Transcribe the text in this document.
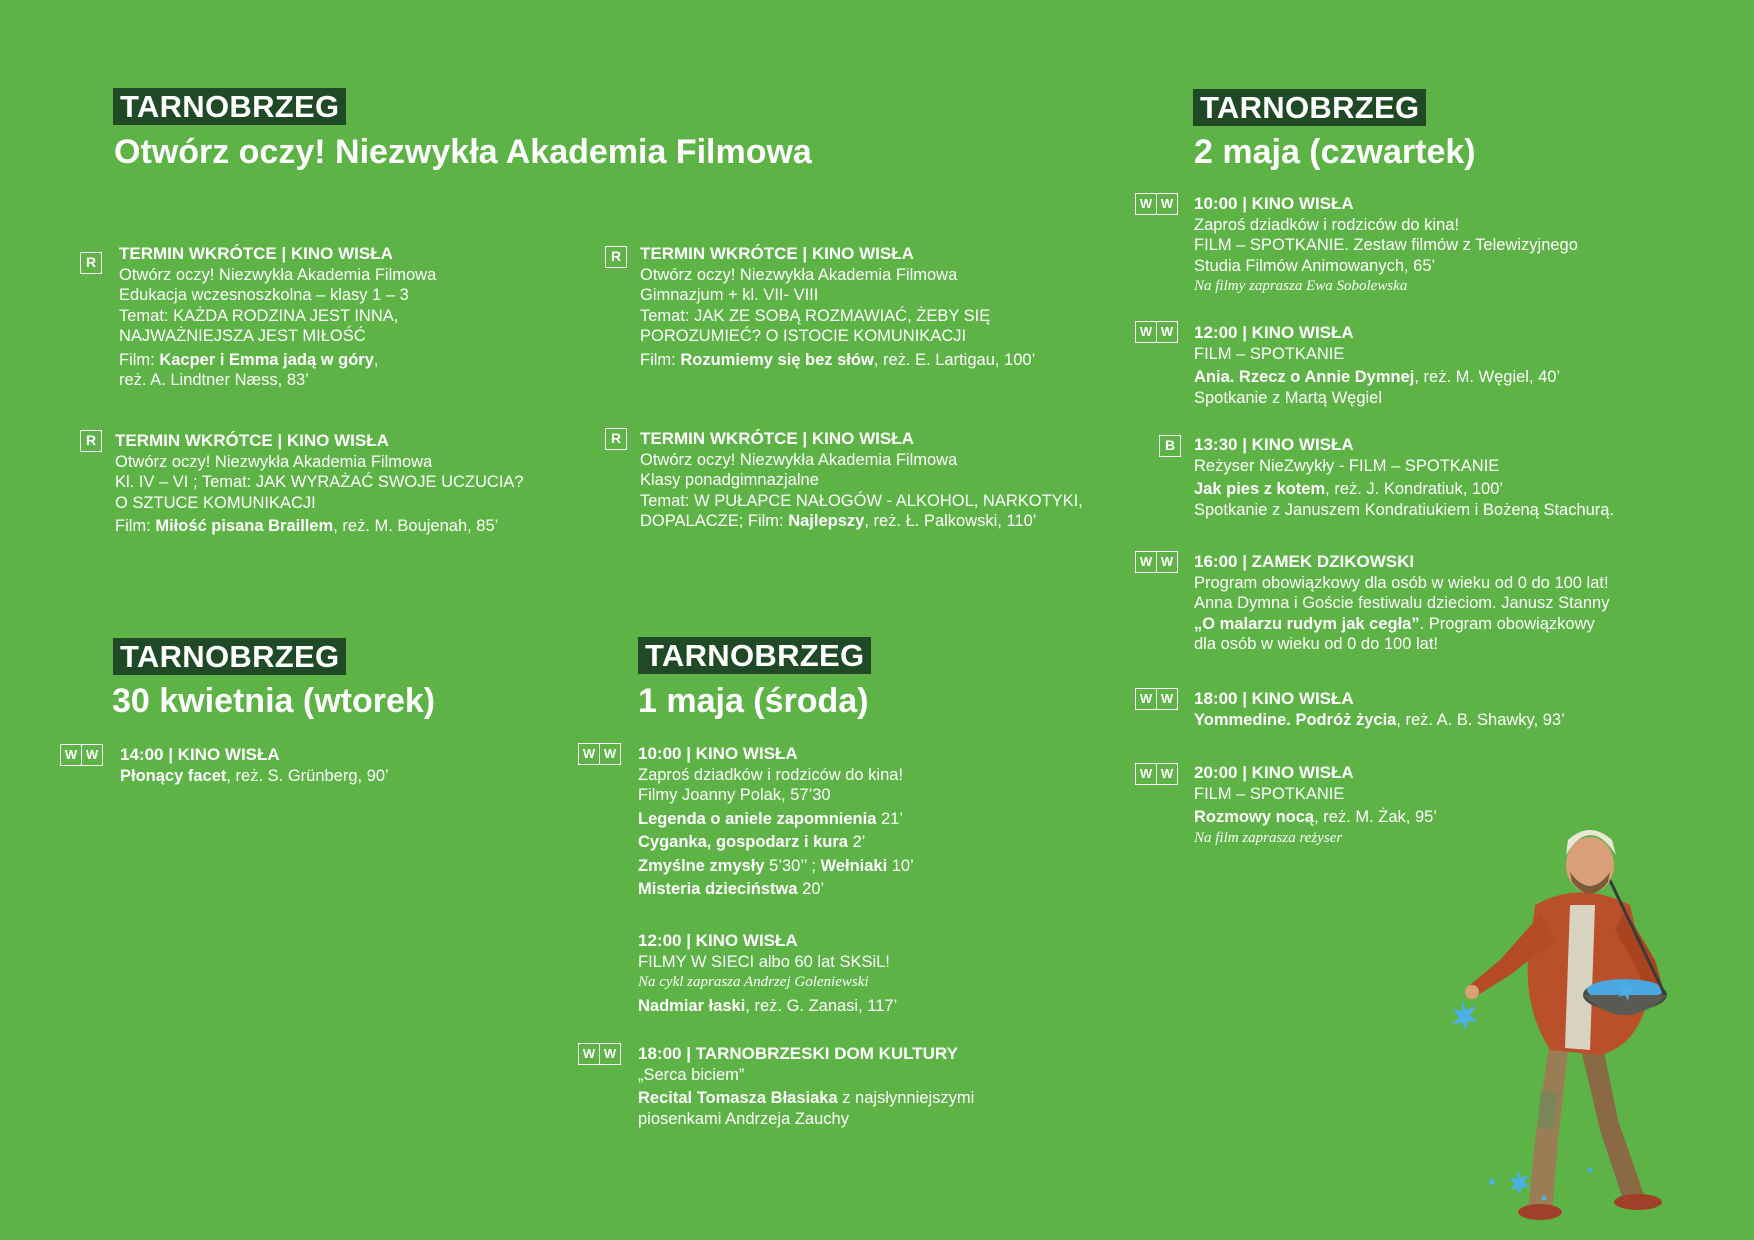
TARNOBRZEG
Otwórz oczy! Niezwykła Akademia Filmowa
R	TERMIN WKRÓTCE | KINO WISŁA
Otwórz oczy! Niezwykła Akademia Filmowa
Edukacja wczesnoszkolna – klasy 1 – 3
Temat: KAŻDA RODZINA JEST INNA,
NAJWAŻNIEJSZA JEST MIŁOŚĆ
Film: Kacper i Emma jadą w góry,
reż. A. Lindtner Næss, 83’
R	TERMIN WKRÓTCE | KINO WISŁA
Otwórz oczy! Niezwykła Akademia Filmowa
Gimnazjum + kl. VII- VIII
Temat: JAK ZE SOBĄ ROZMAWIAĆ, ŻEBY SIĘ
POROZUMIEĆ? O ISTOCIE KOMUNIKACJI
Film: Rozumiemy się bez słów, reż. E. Lartigau, 100’
R	TERMIN WKRÓTCE | KINO WISŁA
Otwórz oczy! Niezwykła Akademia Filmowa
Kl. IV – VI ; Temat: JAK WYRAŻAĆ SWOJE UCZUCIA?
O SZTUCE KOMUNIKACJI
Film: Miłość pisana Braillem, reż. M. Boujenah, 85’
R	TERMIN WKRÓTCE | KINO WISŁA
Otwórz oczy! Niezwykła Akademia Filmowa
Klasy ponadgimnazjalne
Temat: W PUŁAPCE NAŁOGÓW - ALKOHOL, NARKOTYKI,
DOPALACZE; Film: Najlepszy, reż. Ł. Palkowski, 110’
TARNOBRZEG
30 kwietnia (wtorek)
W W 14:00 | KINO WISŁA
Płonący facet, reż. S. Grünberg, 90’
TARNOBRZEG
1 maja (środa)
W W 10:00 | KINO WISŁA
Zaproś dziadków i rodziców do kina!
Filmy Joanny Polak, 57’30
Legenda o aniele zapomnienia 21’
Cyganka, gospodarz i kura 2’
Zmyślne zmysły 5’30’’ ; Wełniaki 10’
Misteria dzieciństwa 20’
12:00 | KINO WISŁA
FILMY W SIECI albo 60 lat SKSiL!
Na cykl zaprasza Andrzej Goleniewski
Nadmiar łaski, reż. G. Zanasi, 117’
W W 18:00 | TARNOBRZESKI DOM KULTURY
„Serca biciem”
Recital Tomasza Błasiaka z najsłynniejszymi
piosenkami Andrzeja Zauchy
TARNOBRZEG
2 maja (czwartek)
W W 10:00 | KINO WISŁA
Zaproś dziadków i rodziców do kina!
FILM – SPOTKANIE. Zestaw filmów z Telewizyjnego
Studia Filmów Animowanych, 65’
Na filmy zaprasza Ewa Sobolewska
W W 12:00 | KINO WISŁA
FILM – SPOTKANIE
Ania. Rzecz o Annie Dymnej, reż. M. Węgiel, 40’
Spotkanie z Martą Węgiel
B	13:30 | KINO WISŁA
Reżyser NieZwykły - FILM – SPOTKANIE
Jak pies z kotem, reż. J. Kondratiuk, 100’
Spotkanie z Januszem Kondratiukiem i Bożeną Stachurą.
W W 16:00 | ZAMEK DZIKOWSKI
Program obowiązkowy dla osób w wieku od 0 do 100 lat!
Anna Dymna i Goście festiwalu dzieciom. Janusz Stanny
„O malarzu rudym jak cegła”. Program obowiązkowy
dla osób w wieku od 0 do 100 lat!
W W 18:00 | KINO WISŁA
Yommedine. Podróż życia, reż. A. B. Shawky, 93’
W W 20:00 | KINO WISŁA
FILM – SPOTKANIE
Rozmowy nocą, reż. M. Żak, 95’
Na film zaprasza reżyser
